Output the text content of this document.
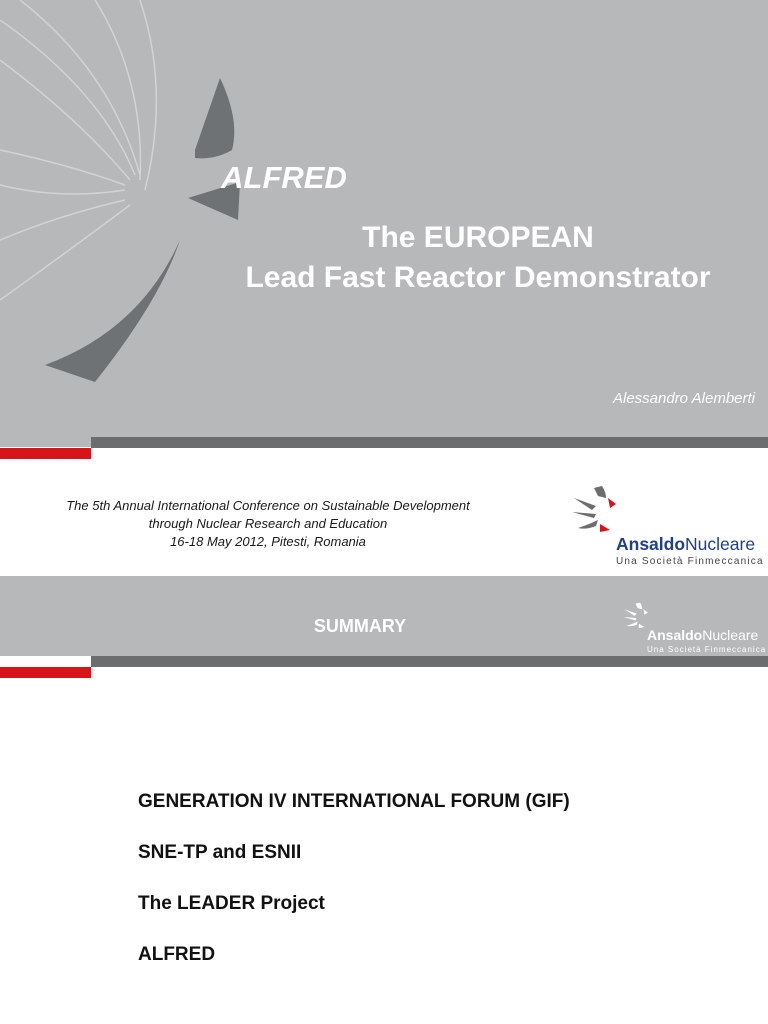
ALFRED
The EUROPEAN
Lead Fast Reactor Demonstrator
Alessandro Alemberti
The 5th Annual International Conference on Sustainable Development
through Nuclear Research and Education
16-18 May 2012, Pitesti, Romania	AnsaldoNucleare
Una Società Finmeccanica
SUMMARY	AnsaldoNucleare
Una Società Finmeccanica
GENERATION IV INTERNATIONAL FORUM (GIF)
SNE-TP and ESNII
The LEADER Project
ALFRED
